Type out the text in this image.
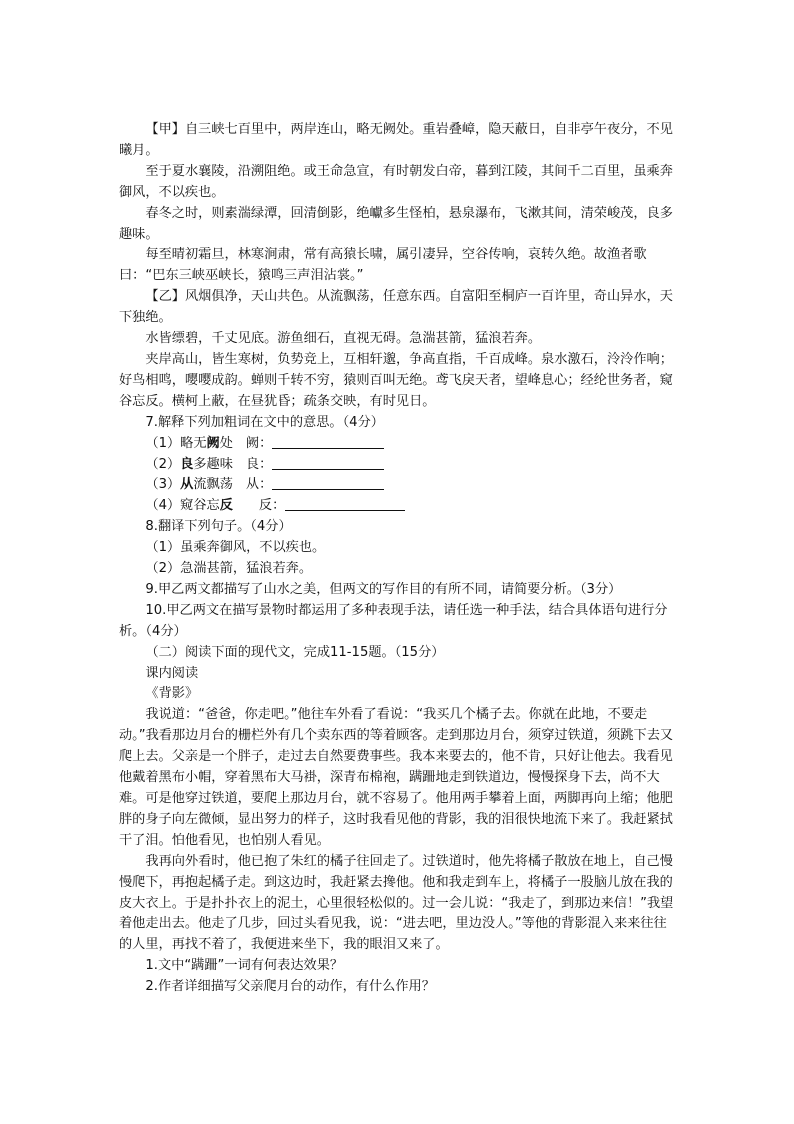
【甲】自三峡七百里中，两岸连山，略无阙处。重岩叠嶂，隐天蔽日，自非亭午夜分，不见曦月。

至于夏水襄陵，沿溯阻绝。或王命急宣，有时朝发白帝，暮到江陵，其间千二百里，虽乘奔御风，不以疾也。

春冬之时，则素湍绿潭，回清倒影，绝巘多生怪柏，悬泉瀑布，飞漱其间，清荣峻茂，良多趣味。

每至晴初霜旦，林寒涧肃，常有高猿长啸，属引凄异，空谷传响，哀转久绝。故渔者歌曰：“巴东三峡巫峡长，猿鸣三声泪沾裳。”

【乙】风烟俱净，天山共色。从流飘荡，任意东西。自富阳至桐庐一百许里，奇山异水，天下独绝。

水皆缥碧，千丈见底。游鱼细石，直视无碍。急湍甚箭，猛浪若奔。

夹岸高山，皆生寒树，负势竞上，互相轩邈，争高直指，千百成峰。泉水激石，泠泠作响；好鸟相鸣，嘤嘤成韵。蝉则千转不穷，猿则百叫无绝。鸢飞戾天者，望峰息心；经纶世务者，窥谷忘反。横柯上蔽，在昼犹昏；疏条交映，有时见日。

7.解释下列加粗词在文中的意思。（4分）

（1）略无阙处 阙：

（2）良多趣味 良：

（3）从流飘荡 从：

（4）窥谷忘反 反：

8.翻译下列句子。（4分）

（1）虽乘奔御风，不以疾也。

（2）急湍甚箭，猛浪若奔。

9.甲乙两文都描写了山水之美，但两文的写作目的有所不同，请简要分析。（3分）

10.甲乙两文在描写景物时都运用了多种表现手法，请任选一种手法，结合具体语句进行分析。（4分）

（二）阅读下面的现代文，完成11-15题。（15分）

课内阅读

《背影》

我说道：“爸爸，你走吧。”他往车外看了看说：“我买几个橘子去。你就在此地，不要走动。”我看那边月台的栅栏外有几个卖东西的等着顾客。走到那边月台，须穿过铁道，须跳下去又爬上去。父亲是一个胖子，走过去自然要费事些。我本来要去的，他不肯，只好让他去。我看见他戴着黑布小帽，穿着黑布大马褂，深青布棉袍，蹒跚地走到铁道边，慢慢探身下去，尚不大难。可是他穿过铁道，要爬上那边月台，就不容易了。他用两手攀着上面，两脚再向上缩；他肥胖的身子向左微倾，显出努力的样子，这时我看见他的背影，我的泪很快地流下来了。我赶紧拭干了泪。怕他看见，也怕别人看见。

我再向外看时，他已抱了朱红的橘子往回走了。过铁道时，他先将橘子散放在地上，自己慢慢爬下，再抱起橘子走。到这边时，我赶紧去搀他。他和我走到车上，将橘子一股脑儿放在我的皮大衣上。于是扑扑衣上的泥土，心里很轻松似的。过一会儿说：“我走了，到那边来信！”我望着他走出去。他走了几步，回过头看见我，说：“进去吧，里边没人。”等他的背影混入来来往往的人里，再找不着了，我便进来坐下，我的眼泪又来了。

1.文中“蹒跚”一词有何表达效果？

2.作者详细描写父亲爬月台的动作，有什么作用？
